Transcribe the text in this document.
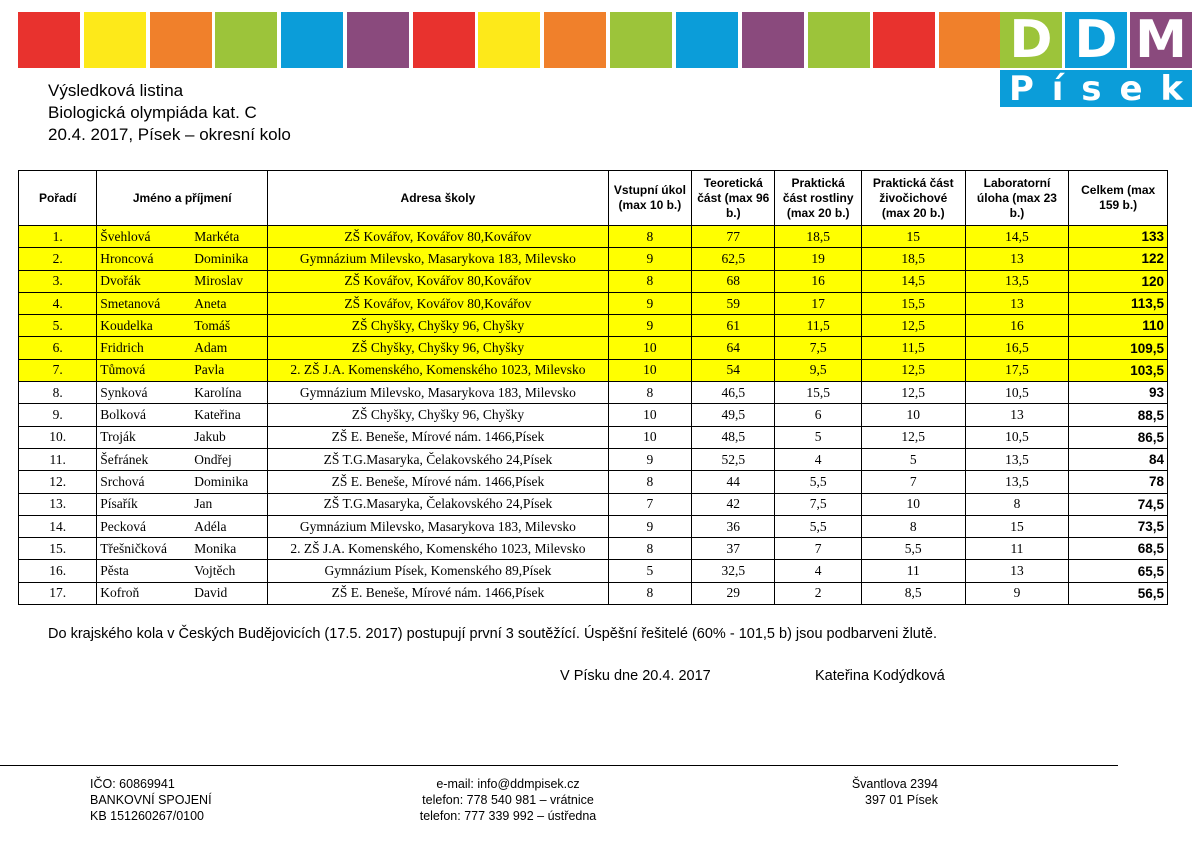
D D M
P í s e k
Výsledková listina
Biologická olympiáda kat. C
20.4. 2017, Písek – okresní kolo
Pořadí	Jméno a příjmení	Adresa školy	Vstupní úkol (max 10 b.)	Teoretická část (max 96 b.)	Praktická část rostliny (max 20 b.)	Praktická část živočichové (max 20 b.)	Laboratorní úloha (max 23 b.)	Celkem (max 159 b.)
1.	Švehlová Markéta	ZŠ Kovářov, Kovářov 80,Kovářov	8	77	18,5	15	14,5	133
2.	Hroncová Dominika	Gymnázium Milevsko, Masarykova 183, Milevsko	9	62,5	19	18,5	13	122
3.	Dvořák Miroslav	ZŠ Kovářov, Kovářov 80,Kovářov	8	68	16	14,5	13,5	120
4.	Smetanová Aneta	ZŠ Kovářov, Kovářov 80,Kovářov	9	59	17	15,5	13	113,5
5.	Koudelka Tomáš	ZŠ Chyšky, Chyšky 96, Chyšky	9	61	11,5	12,5	16	110
6.	Fridrich Adam	ZŠ Chyšky, Chyšky 96, Chyšky	10	64	7,5	11,5	16,5	109,5
7.	Tůmová Pavla	2. ZŠ J.A. Komenského, Komenského 1023, Milevsko	10	54	9,5	12,5	17,5	103,5
8.	Synková Karolína	Gymnázium Milevsko, Masarykova 183, Milevsko	8	46,5	15,5	12,5	10,5	93
9.	Bolková Kateřina	ZŠ Chyšky, Chyšky 96, Chyšky	10	49,5	6	10	13	88,5
10.	Troják Jakub	ZŠ E. Beneše, Mírové nám. 1466,Písek	10	48,5	5	12,5	10,5	86,5
11.	Šefránek Ondřej	ZŠ T.G.Masaryka, Čelakovského 24,Písek	9	52,5	4	5	13,5	84
12.	Srchová Dominika	ZŠ E. Beneše, Mírové nám. 1466,Písek	8	44	5,5	7	13,5	78
13.	Písařík Jan	ZŠ T.G.Masaryka, Čelakovského 24,Písek	7	42	7,5	10	8	74,5
14.	Pecková Adéla	Gymnázium Milevsko, Masarykova 183, Milevsko	9	36	5,5	8	15	73,5
15.	Třešničková Monika	2. ZŠ J.A. Komenského, Komenského 1023, Milevsko	8	37	7	5,5	11	68,5
16.	Pěsta Vojtěch	Gymnázium Písek, Komenského 89,Písek	5	32,5	4	11	13	65,5
17.	Kofroň David	ZŠ E. Beneše, Mírové nám. 1466,Písek	8	29	2	8,5	9	56,5
Do krajského kola v Českých Budějovicích (17.5. 2017) postupují první 3 soutěžící. Úspěšní řešitelé (60% - 101,5 b) jsou podbarveni žlutě.
V Písku dne 20.4. 2017	Kateřina Kodýdková
IČO: 60869941
BANKOVNÍ SPOJENÍ
KB 151260267/0100
e-mail: info@ddmpisek.cz
telefon: 778 540 981 – vrátnice
telefon: 777 339 992 – ústředna
Švantlova 2394
397 01 Písek
